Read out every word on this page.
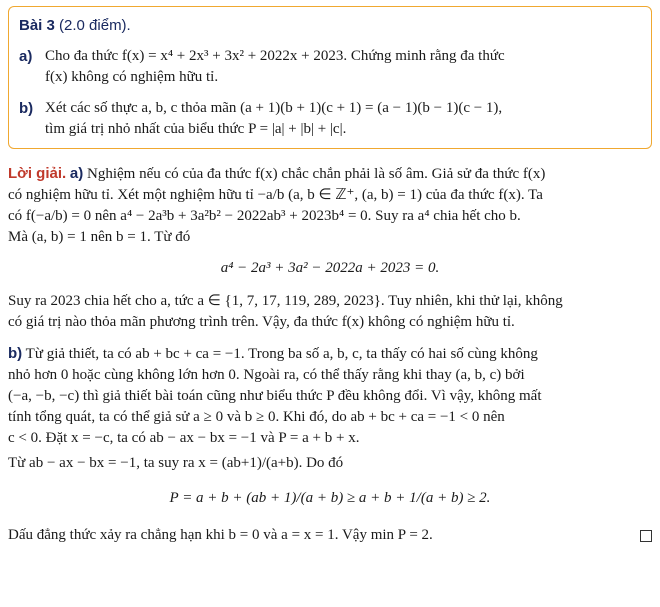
Bài 3 (2.0 điểm).
a) Cho đa thức f(x) = x⁴ + 2x³ + 3x² + 2022x + 2023. Chứng minh rằng đa thức
f(x) không có nghiệm hữu tỉ.
b) Xét các số thực a, b, c thỏa mãn (a + 1)(b + 1)(c + 1) = (a − 1)(b − 1)(c − 1),
tìm giá trị nhỏ nhất của biểu thức P = |a| + |b| + |c|.
Lời giải. a) Nghiệm nếu có của đa thức f(x) chắc chắn phải là số âm. Giả sử đa thức f(x)
có nghiệm hữu tỉ. Xét một nghiệm hữu tỉ −a/b (a, b ∈ ℤ⁺, (a, b) = 1) của đa thức f(x). Ta
có f(−a/b) = 0 nên a⁴ − 2a³b + 3a²b² − 2022ab³ + 2023b⁴ = 0. Suy ra a⁴ chia hết cho b.
Mà (a, b) = 1 nên b = 1. Từ đó
a⁴ − 2a³ + 3a² − 2022a + 2023 = 0.
Suy ra 2023 chia hết cho a, tức a ∈ {1, 7, 17, 119, 289, 2023}. Tuy nhiên, khi thử lại, không
có giá trị nào thỏa mãn phương trình trên. Vậy, đa thức f(x) không có nghiệm hữu tỉ.
b) Từ giả thiết, ta có ab + bc + ca = −1. Trong ba số a, b, c, ta thấy có hai số cùng không
nhỏ hơn 0 hoặc cùng không lớn hơn 0. Ngoài ra, có thể thấy rằng khi thay (a, b, c) bởi
(−a, −b, −c) thì giả thiết bài toán cũng như biểu thức P đều không đổi. Vì vậy, không mất
tính tổng quát, ta có thể giả sử a ≥ 0 và b ≥ 0. Khi đó, do ab + bc + ca = −1 < 0 nên
c < 0. Đặt x = −c, ta có ab − ax − bx = −1 và P = a + b + x.
Từ ab − ax − bx = −1, ta suy ra x = (ab+1)/(a+b). Do đó
P = a + b + (ab + 1)/(a + b) ≥ a + b + 1/(a + b) ≥ 2.
Dấu đẳng thức xảy ra chẳng hạn khi b = 0 và a = x = 1. Vậy min P = 2.
